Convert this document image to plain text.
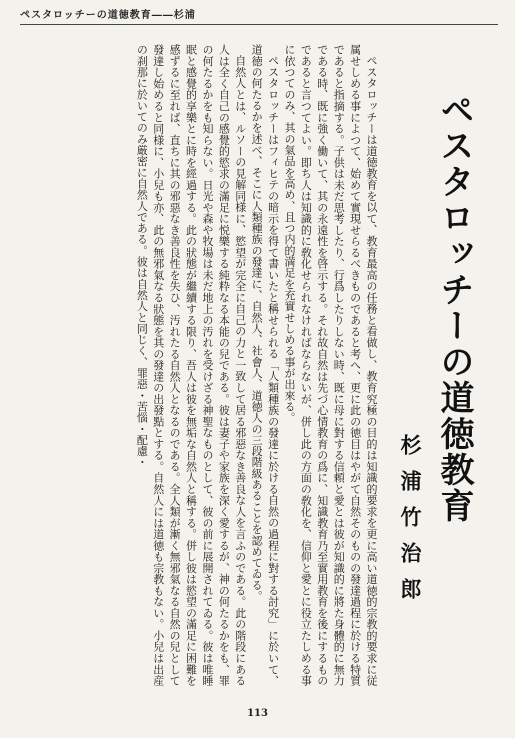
ペスタロッチーの道徳教育――杉浦
ペスタロッチーの道徳教育
杉浦竹治郎

ペスタロッチーは道徳教育を以て、教育最高の任務と看做し、教育究極の目的は知識的要求を更に高い道徳的宗教的要求に従属せしめる事によつて、始めて實現せらるべきものであると考へ、更に此の徳目はやがて自然そのものの發達過程に於ける特質であると指摘する。子供は未だ思考したり、行爲したりしない時、既に母に對する信頼と愛とは彼が知識的に將た身體的に無力である時、既に強く働いて、其の永遠性を啓示する。それ故自然は先づ心情教育の爲に、知識教育乃至實用教育を後にするものであると言つてよい。即ち人は知識的に敎化せられなければならないが、併し此の方面の敎化を、信仰と愛とに役立たしめる事に依つてのみ、其の氣品を高め、且つ内的満足を充實せしめる事が出來る。

ペスタロッチーはフィヒテの暗示を得て書いたと稱せられる「人類種族の發達に於ける自然の過程に對する討究」に於いて、道徳の何たるかを述べ、そこに人類種族の發達に、自然人、社會人、道徳人の三段階級あることを認めてゐる。

自然人とは、ルソーの見解同様に、慾望が完全に自己の力と一致して居る邪惡なき善良な人を言ふのである。此の階段にある人は全く自己の感覺的慾求の滿足に悦樂する純粋なる本能の兒である。彼は妻子や家族を深く愛するが、神の何たるかをも、罪の何たるかをも知らない。日光や森や牧場は未だ地上の汚れを受けざる神聖なものとして、彼の前に展開されてゐる。彼は唯睡眠と感覺的享樂とに時を經過する。此の狀態が繼續する限り、吾人は彼を無垢な自然人と稱する。併し彼は慾望の滿足に困難を感ずるに至れば、直ちに其の邪惡なき善良性を失ひ、汚れたる自然人となるのである。全人類が漸く無邪氣なる自然の兒として發達し始めると同様に、小兒も亦、此の無邪氣なる狀態を其の發達の出發點とする。自然人には道徳も宗教もない。小兒は出産の刹那に於いてのみ厳密に自然人である。彼は自然人と同じく、罪惡・苦惱・配慮・

113
